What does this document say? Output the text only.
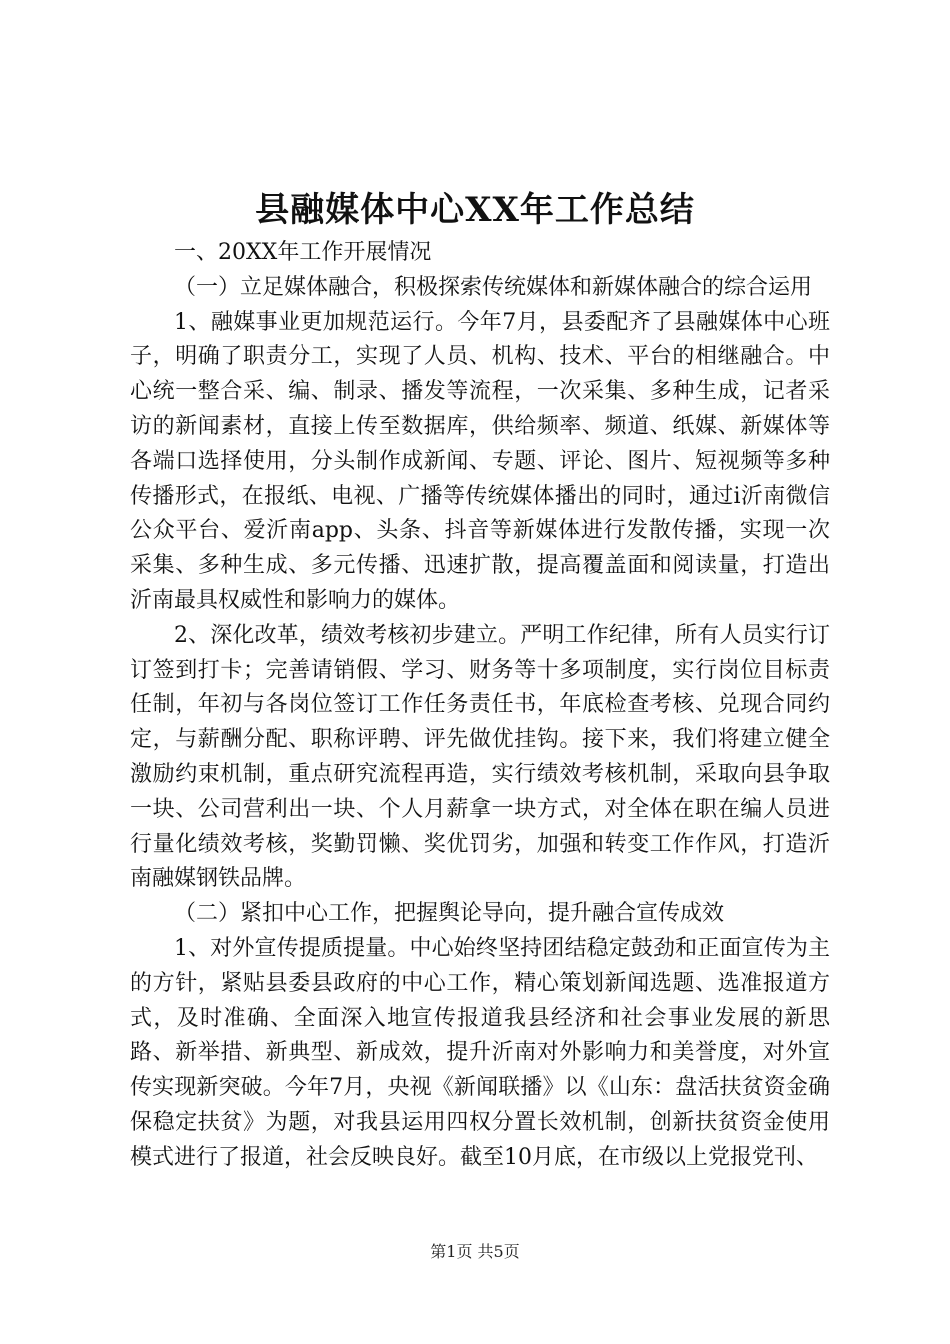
县融媒体中心XX年工作总结

一、20XX年工作开展情况

（一）立足媒体融合，积极探索传统媒体和新媒体融合的综合运用

1、融媒事业更加规范运行。今年7月，县委配齐了县融媒体中心班子，明确了职责分工，实现了人员、机构、技术、平台的相继融合。中心统一整合采、编、制录、播发等流程，一次采集、多种生成，记者采访的新闻素材，直接上传至数据库，供给频率、频道、纸媒、新媒体等各端口选择使用，分头制作成新闻、专题、评论、图片、短视频等多种传播形式，在报纸、电视、广播等传统媒体播出的同时，通过i沂南微信公众平台、爱沂南app、头条、抖音等新媒体进行发散传播，实现一次采集、多种生成、多元传播、迅速扩散，提高覆盖面和阅读量，打造出沂南最具权威性和影响力的媒体。

2、深化改革，绩效考核初步建立。严明工作纪律，所有人员实行订订签到打卡；完善请销假、学习、财务等十多项制度，实行岗位目标责任制，年初与各岗位签订工作任务责任书，年底检查考核、兑现合同约定，与薪酬分配、职称评聘、评先做优挂钩。接下来，我们将建立健全激励约束机制，重点研究流程再造，实行绩效考核机制，采取向县争取一块、公司营利出一块、个人月薪拿一块方式，对全体在职在编人员进行量化绩效考核，奖勤罚懒、奖优罚劣，加强和转变工作作风，打造沂南融媒钢铁品牌。

（二）紧扣中心工作，把握舆论导向，提升融合宣传成效

1、对外宣传提质提量。中心始终坚持团结稳定鼓劲和正面宣传为主的方针，紧贴县委县政府的中心工作，精心策划新闻选题、选准报道方式，及时准确、全面深入地宣传报道我县经济和社会事业发展的新思路、新举措、新典型、新成效，提升沂南对外影响力和美誉度，对外宣传实现新突破。今年7月，央视《新闻联播》以《山东：盘活扶贫资金确保稳定扶贫》为题，对我县运用四权分置长效机制，创新扶贫资金使用模式进行了报道，社会反映良好。截至10月底，在市级以上党报党刊、

第1页 共5页
